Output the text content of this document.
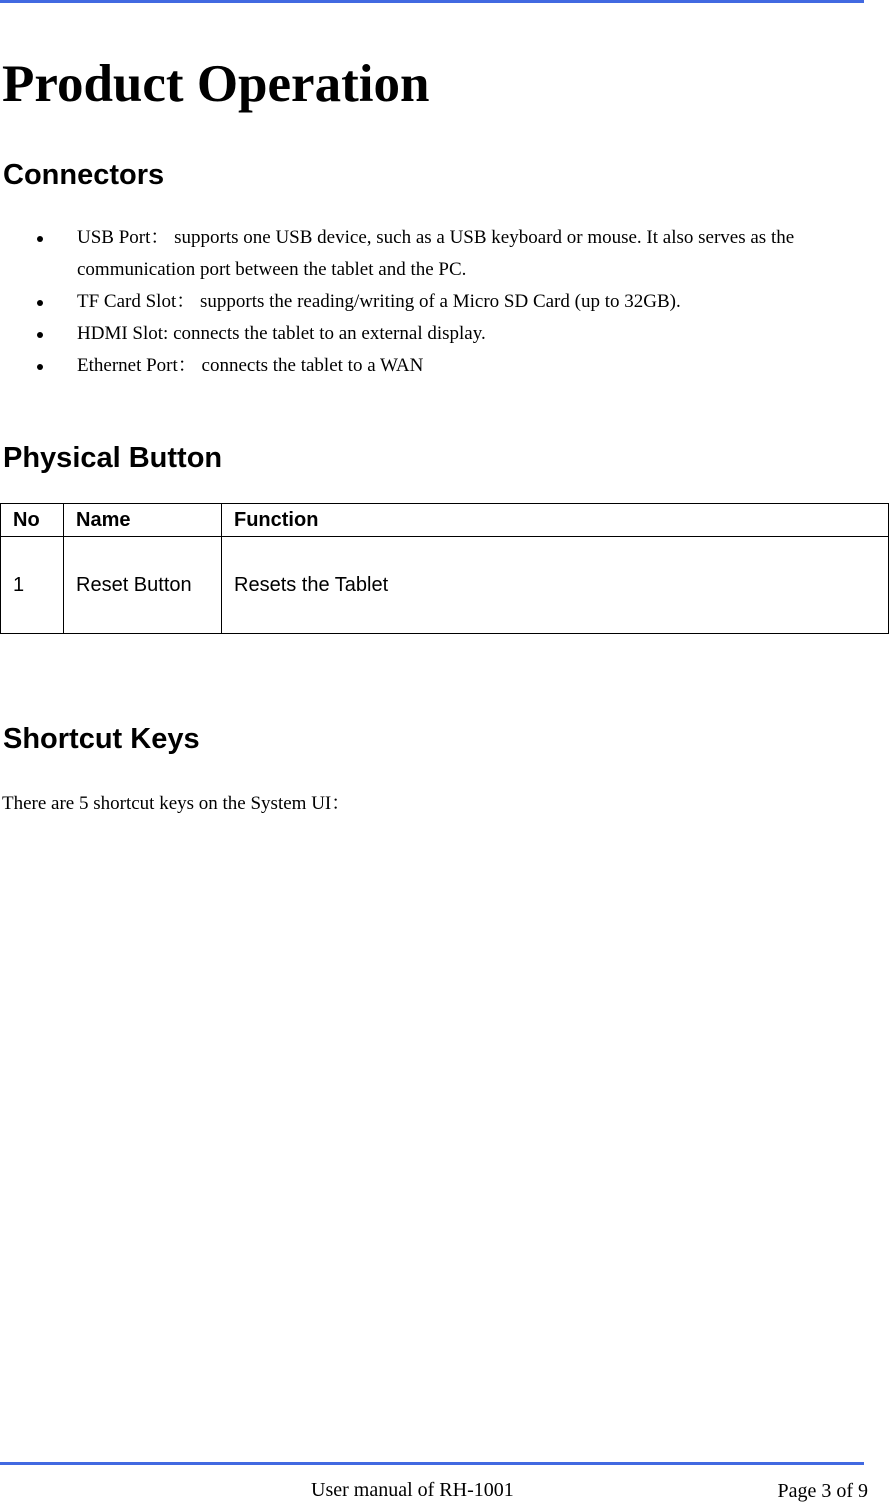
Product Operation
Connectors
USB Port： supports one USB device, such as a USB keyboard or mouse. It also serves as the communication port between the tablet and the PC.
TF Card Slot： supports the reading/writing of a Micro SD Card (up to 32GB).
HDMI Slot: connects the tablet to an external display.
Ethernet Port： connects the tablet to a WAN
Physical Button
No	Name	Function
1	Reset Button	Resets the Tablet
Shortcut Keys

There are 5 shortcut keys on the System UI：

User manual of RH-1001	Page 3 of 9
